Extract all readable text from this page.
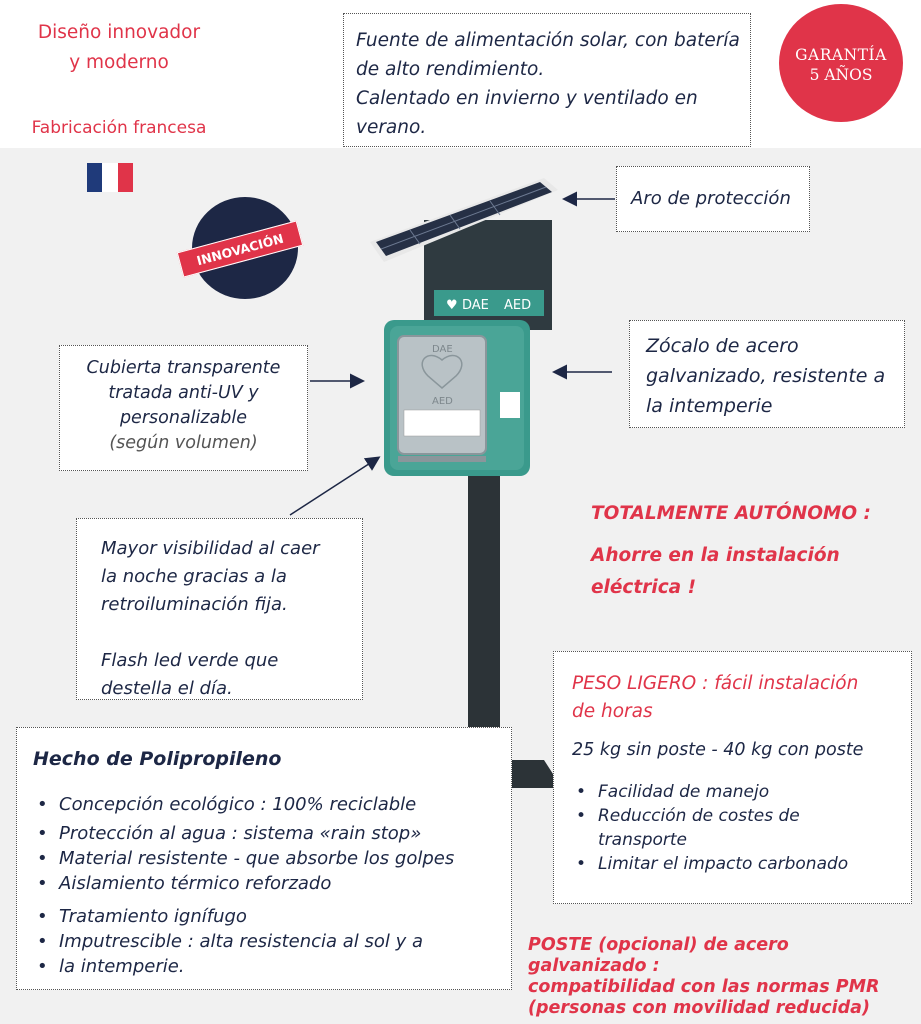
Diseño innovador
y moderno
Fabricación francesa
Fuente de alimentación solar, con batería
de alto rendimiento.
Calentado en invierno y ventilado en
verano.
GARANTÍA
5 AÑOS
INNOVACIÓN
♥ DAE AED
DAE
AED
Aro de protección
Zócalo de acero
galvanizado, resistente a
la intemperie
Cubierta transparente
tratada anti-UV y
personalizable
(según volumen)
Mayor visibilidad al caer
la noche gracias a la
retroiluminación fija.
Flash led verde que
destella el día.
TOTALMENTE AUTÓNOMO :
Ahorre en la instalación
eléctrica !
PESO LIGERO : fácil instalación
de horas
25 kg sin poste - 40 kg con poste
• Facilidad de manejo
• Reducción de costes de transporte
• Limitar el impacto carbonado
Hecho de Polipropileno
• Concepción ecológico : 100% reciclable
• Protección al agua : sistema «rain stop»
• Material resistente - que absorbe los golpes
• Aislamiento térmico reforzado
• Tratamiento ignífugo
• Imputrescible : alta resistencia al sol y a
• la intemperie.
POSTE (opcional) de acero
galvanizado :
compatibilidad con las normas PMR
(personas con movilidad reducida)
